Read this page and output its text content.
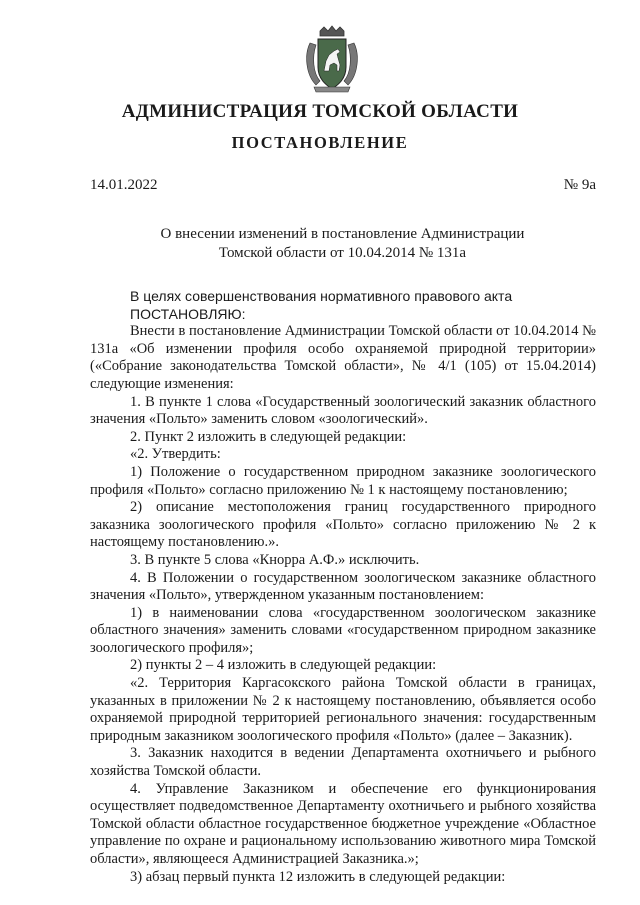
АДМИНИСТРАЦИЯ ТОМСКОЙ ОБЛАСТИ
ПОСТАНОВЛЕНИЕ
14.01.2022	№ 9а
О внесении изменений в постановление Администрации
Томской области от 10.04.2014 № 131а

В целях совершенствования нормативного правового акта

ПОСТАНОВЛЯЮ:

Внести в постановление Администрации Томской области от 10.04.2014 № 131а «Об изменении профиля особо охраняемой природной территории» («Собрание законодательства Томской области», № 4/1 (105) от 15.04.2014) следующие изменения:

1. В пункте 1 слова «Государственный зоологический заказник областного значения «Польто» заменить словом «зоологический».

2. Пункт 2 изложить в следующей редакции:

«2. Утвердить:

1) Положение о государственном природном заказнике зоологического профиля «Польто» согласно приложению № 1 к настоящему постановлению;

2) описание местоположения границ государственного природного заказника зоологического профиля «Польто» согласно приложению № 2 к настоящему постановлению.».

3. В пункте 5 слова «Кнорра А.Ф.» исключить.

4. В Положении о государственном зоологическом заказнике областного значения «Польто», утвержденном указанным постановлением:

1) в наименовании слова «государственном зоологическом заказнике областного значения» заменить словами «государственном природном заказнике зоологического профиля»;

2) пункты 2 – 4 изложить в следующей редакции:

«2. Территория Каргасокского района Томской области в границах, указанных в приложении № 2 к настоящему постановлению, объявляется особо охраняемой природной территорией регионального значения: государственным природным заказником зоологического профиля «Польто» (далее – Заказник).

3. Заказник находится в ведении Департамента охотничьего и рыбного хозяйства Томской области.

4. Управление Заказником и обеспечение его функционирования осуществляет подведомственное Департаменту охотничьего и рыбного хозяйства Томской области областное государственное бюджетное учреждение «Областное управление по охране и рациональному использованию животного мира Томской области», являющееся Администрацией Заказника.»;

3) абзац первый пункта 12 изложить в следующей редакции:
